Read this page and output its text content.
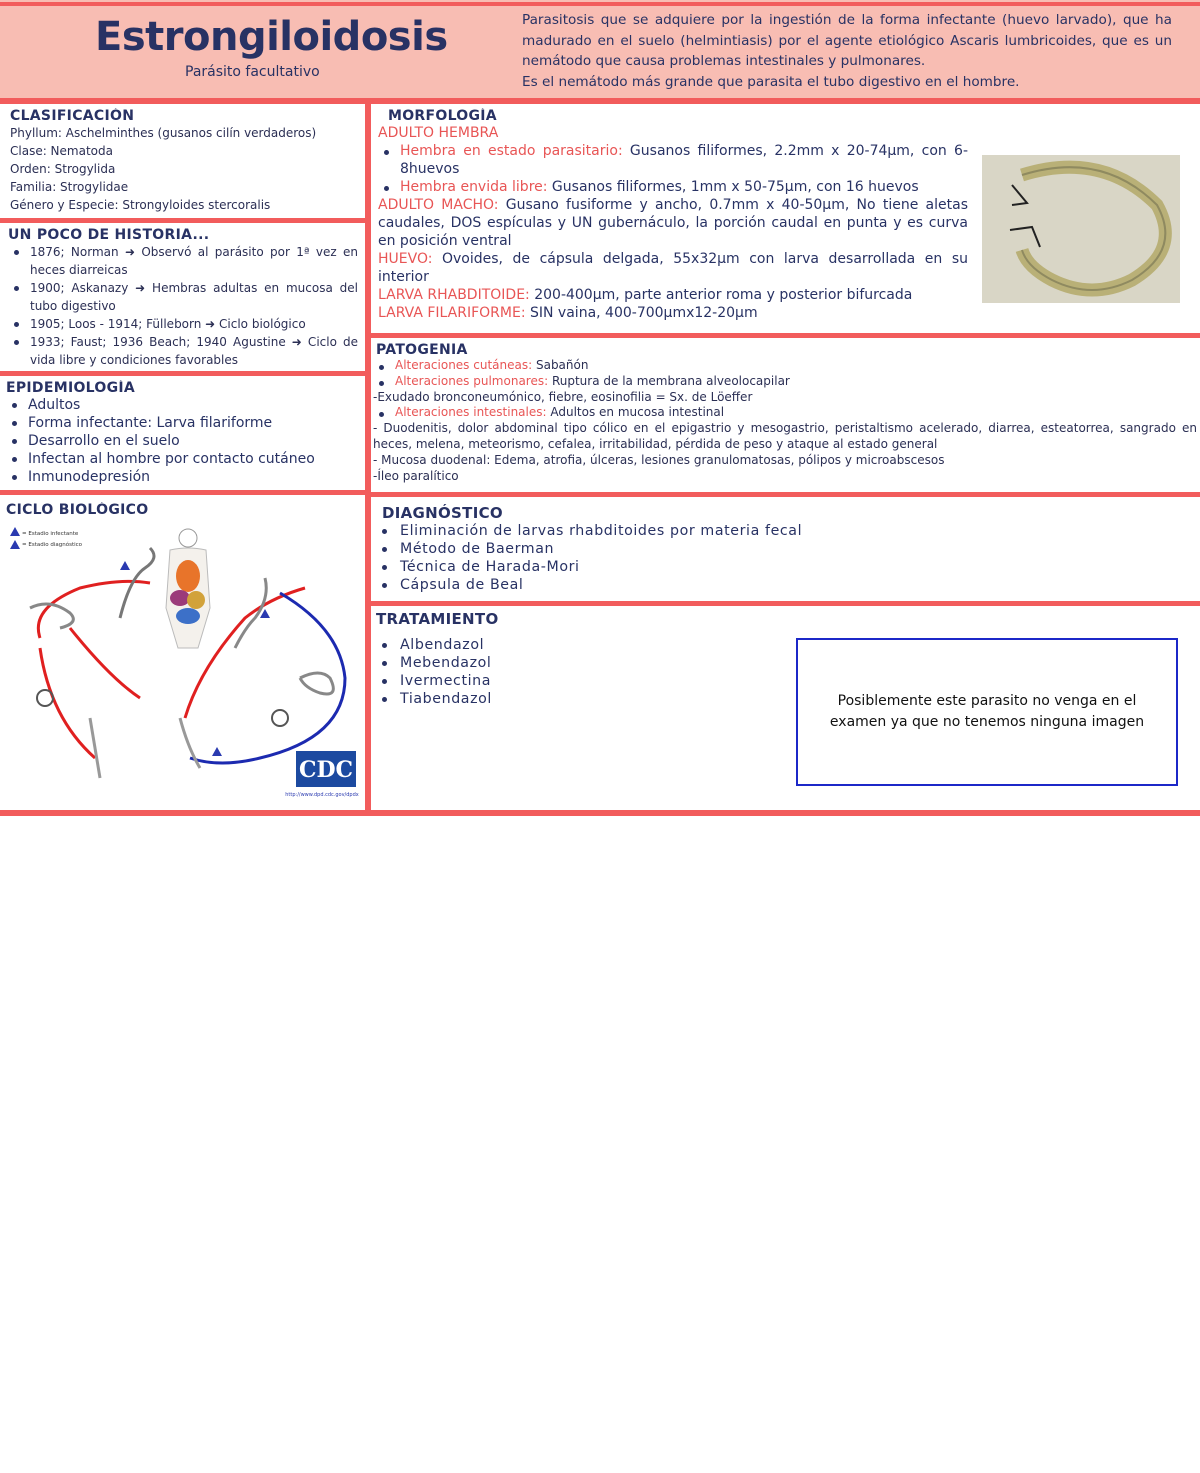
Estrongiloidosis
Parásito facultativo
Parasitosis que se adquiere por la ingestión de la forma infectante (huevo larvado), que ha madurado en el suelo (helmintiasis) por el agente etiológico Ascaris lumbricoides, que es un nemátodo que causa problemas intestinales y pulmonares.
Es el nemátodo más grande que parasita el tubo digestivo en el hombre.
CLASIFICACIÓN
Phyllum: Aschelminthes (gusanos cilín verdaderos)
Clase: Nematoda
Orden: Strogylida
Familia: Strogylidae
Género y Especie: Strongyloides stercoralis
UN POCO DE HISTORIA...
1876; Norman ➜ Observó al parásito por 1ª vez en heces diarreicas
1900; Askanazy ➜ Hembras adultas en mucosa del tubo digestivo
1905; Loos - 1914; Fülleborn ➜ Ciclo biológico
1933; Faust; 1936 Beach; 1940 Agustine ➜ Ciclo de vida libre y condiciones favorables
EPIDEMIOLOGÍA
Adultos
Forma infectante: Larva filariforme
Desarrollo en el suelo
Infectan al hombre por contacto cutáneo
Inmunodepresión
CICLO BIOLÓGICO
= Estadio infectante
= Estadio diagnóstico
CDC
http://www.dpd.cdc.gov/dpdx
MORFOLOGÍA
ADULTO HEMBRA
Hembra en estado parasitario: Gusanos filiformes, 2.2mm x 20-74µm, con 6-8huevos
Hembra envida libre: Gusanos filiformes, 1mm x 50-75µm, con 16 huevos
ADULTO MACHO: Gusano fusiforme y ancho, 0.7mm x 40-50µm, No tiene aletas caudales, DOS espículas y UN gubernáculo, la porción caudal en punta y es curva en posición ventral
HUEVO: Ovoides, de cápsula delgada, 55x32µm con larva desarrollada en su interior
LARVA RHABDITOIDE: 200-400µm, parte anterior roma y posterior bifurcada
LARVA FILARIFORME: SIN vaina, 400-700µmx12-20µm
PATOGENIA
Alteraciones cutáneas: Sabañón
Alteraciones pulmonares: Ruptura de la membrana alveolocapilar
-Exudado bronconeumónico, fiebre, eosinofilia = Sx. de Löeffer
Alteraciones intestinales: Adultos en mucosa intestinal
- Duodenitis, dolor abdominal tipo cólico en el epigastrio y mesogastrio, peristaltismo acelerado, diarrea, esteatorrea, sangrado en heces, melena, meteorismo, cefalea, irritabilidad, pérdida de peso y ataque al estado general
- Mucosa duodenal: Edema, atrofia, úlceras, lesiones granulomatosas, pólipos y microabscesos
-Íleo paralítico
DIAGNÓSTICO
Eliminación de larvas rhabditoides por materia fecal
Método de Baerman
Técnica de Harada-Mori
Cápsula de Beal
TRATAMIENTO
Albendazol
Mebendazol
Ivermectina
Tiabendazol	Posiblemente este parasito no venga en el examen ya que no tenemos ninguna imagen
